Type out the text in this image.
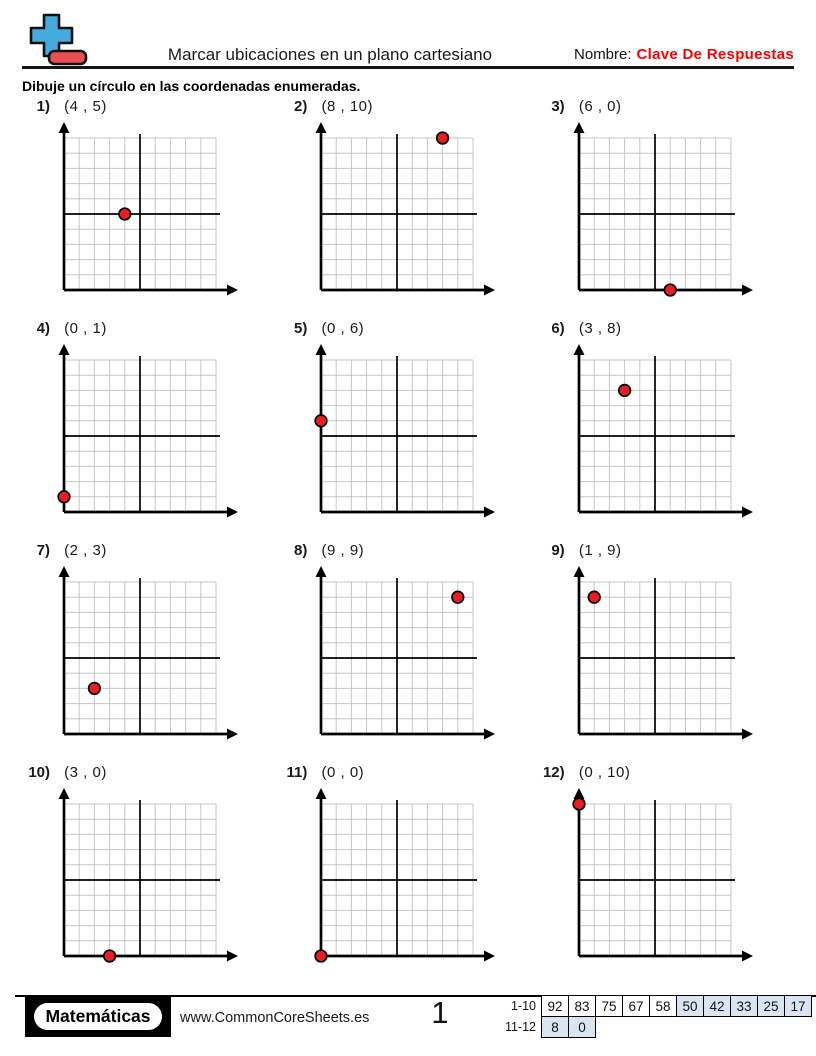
Marcar ubicaciones en un plano cartesiano	Nombre: Clave De Respuestas
Dibuje un círculo en las coordenadas enumeradas.
1) (4 , 5)	2) (8 , 10)	3) (6 , 0)
4) (0 , 1)	5) (0 , 6)	6) (3 , 8)
7) (2 , 3)	8) (9 , 9)	9) (1 , 9)
10) (3 , 0)	11) (0 , 0)	12) (0 , 10)
Matemáticas	www.CommonCoreSheets.es	1	1-10	92	83	75	67	58	50	42	33	25	17
11-12	8	0								
